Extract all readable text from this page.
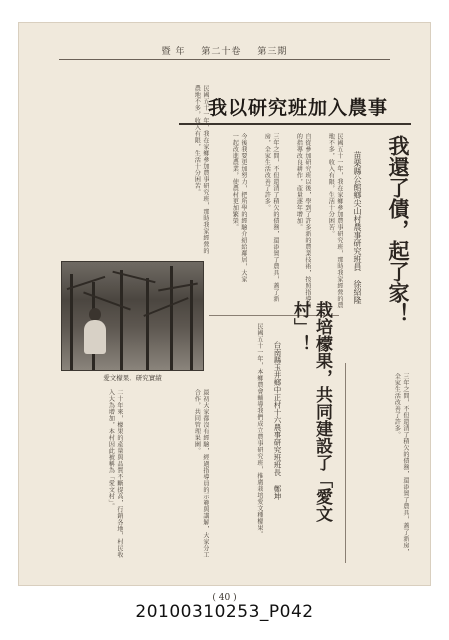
暨 年 第二十卷 第三期
我以研究班加入農事
我還了債，起了家！
苗栗縣公館鄉尖山村農事研究班員 徐紹隆
民國五十一年，我在家鄉參加農事研究班，那時我家經營的農地不多，收入有限，生活十分困苦。
自從參加研究班以後，學到了許多新的農業技術，按照指導員的指導改良耕作，產量逐年增加。
三年之間，不但還清了積欠的債務，還添置了農具，蓋了新房，全家生活改善了許多。
今後我要更加努力，把所學的經驗介紹給鄰居，大家一起改進農業，使農村更加繁榮。
栽培檬果，共同建設了「愛文村」！
台南縣玉井鄉中正村十六農事研究班班長 鄭坤
民國五十一年，本鄉農會輔導我們成立農事研究班，推廣栽培愛文種檬果。
最初大家都沒有經驗，經過指導員的示範與講解，大家分工合作，共同管理果園。
二十年來，檬果的產量與品質不斷提高，行銷各地，村民收入大為增加，本村因此被稱為「愛文村」。	三年之間，不但還清了積欠的債務，還添置了農具，蓋了新房，全家生活改善了許多。
民國五十一年，我在家鄉參加農事研究班，那時我家經營的農地不多，收入有限，生活十分困苦。
愛文檬果．研究實績
( 40 )
20100310253_P042
